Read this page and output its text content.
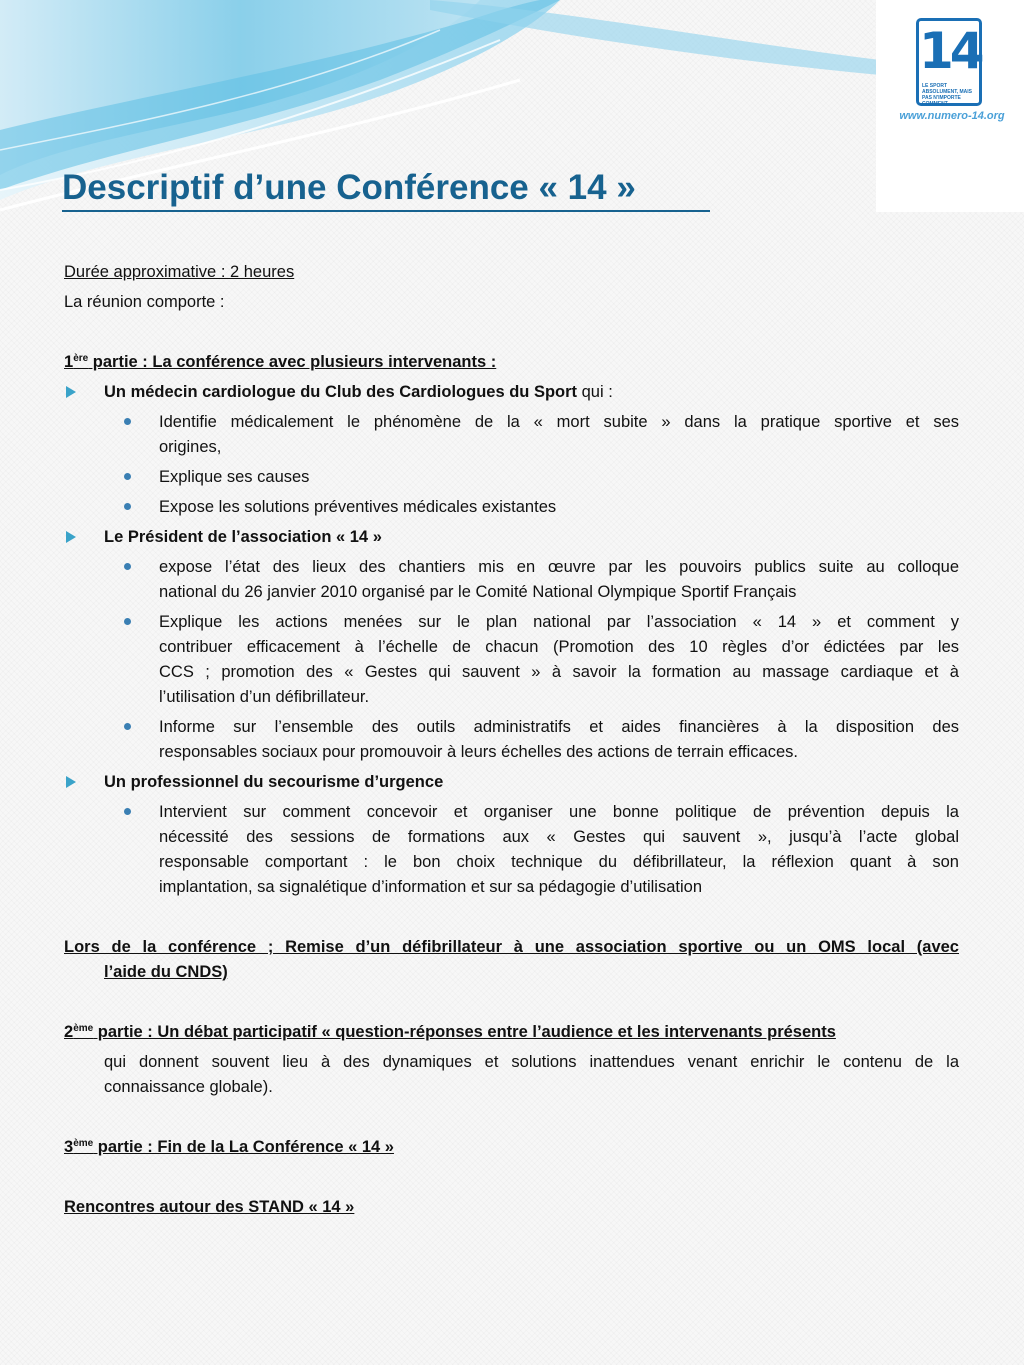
14
LE SPORT ABSOLUMENT, MAIS PAS N'IMPORTE COMMENT
www.numero-14.org
Descriptif d’une Conférence « 14 »
Durée approximative : 2 heures
La réunion comporte :
1ère partie : La conférence avec plusieurs intervenants :
Un médecin cardiologue du Club des Cardiologues du Sport qui :
Identifie médicalement le phénomène de la « mort subite » dans la pratique sportive et ses
origines,
Explique ses causes
Expose les solutions préventives médicales existantes
Le Président de l’association « 14 »
expose l’état des lieux des chantiers mis en œuvre par les pouvoirs publics suite au colloque
national du 26 janvier 2010 organisé par le Comité National Olympique Sportif Français
Explique les actions menées sur le plan national par l’association « 14 » et comment y
contribuer efficacement à l’échelle de chacun (Promotion des 10 règles d’or édictées par les
CCS ; promotion des « Gestes qui sauvent » à savoir la formation au massage cardiaque et à
l’utilisation d’un défibrillateur.
Informe sur l’ensemble des outils administratifs et aides financières à la disposition des
responsables sociaux pour promouvoir à leurs échelles des actions de terrain efficaces.
Un professionnel du secourisme d’urgence
Intervient sur comment concevoir et organiser une bonne politique de prévention depuis la
nécessité des sessions de formations aux « Gestes qui sauvent », jusqu’à l’acte global
responsable comportant : le bon choix technique du défibrillateur, la réflexion quant à son
implantation, sa signalétique d’information et sur sa pédagogie d’utilisation
Lors de la conférence ; Remise d’un défibrillateur à une association sportive ou un OMS local (avec
l’aide du CNDS)
2ème partie : Un débat participatif « question-réponses entre l’audience et les intervenants présents
qui donnent souvent lieu à des dynamiques et solutions inattendues venant enrichir le contenu de la
connaissance globale).
3ème partie : Fin de la La Conférence « 14 »
Rencontres autour des STAND « 14 »
